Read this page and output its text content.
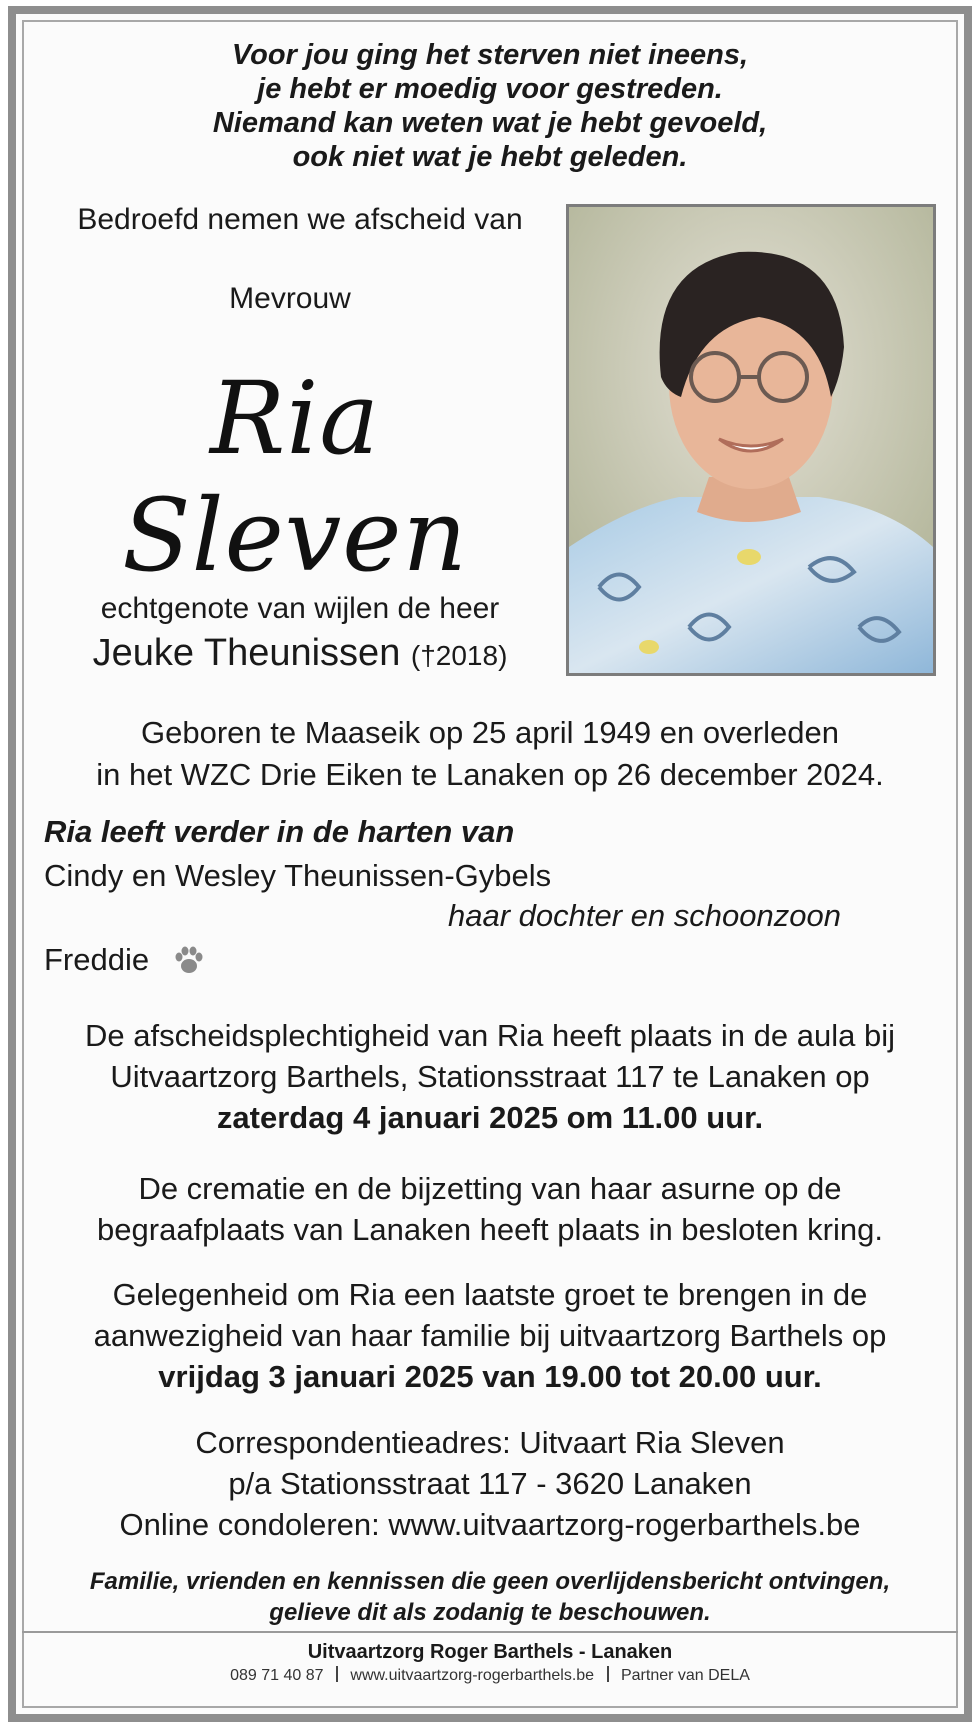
Voor jou ging het sterven niet ineens,
je hebt er moedig voor gestreden.
Niemand kan weten wat je hebt gevoeld,
ook niet wat je hebt geleden.
Bedroefd nemen we afscheid van
Mevrouw
Ria Sleven
echtgenote van wijlen de heer
Jeuke Theunissen (†2018)
Geboren te Maaseik op 25 april 1949 en overleden
in het WZC Drie Eiken te Lanaken op 26 december 2024.
Ria leeft verder in de harten van
Cindy en Wesley Theunissen-Gybels
haar dochter en schoonzoon
Freddie
De afscheidsplechtigheid van Ria heeft plaats in de aula bij
Uitvaartzorg Barthels, Stationsstraat 117 te Lanaken op
zaterdag 4 januari 2025 om 11.00 uur.
De crematie en de bijzetting van haar asurne op de
begraafplaats van Lanaken heeft plaats in besloten kring.
Gelegenheid om Ria een laatste groet te brengen in de
aanwezigheid van haar familie bij uitvaartzorg Barthels op
vrijdag 3 januari 2025 van 19.00 tot 20.00 uur.
Correspondentieadres: Uitvaart Ria Sleven
p/a Stationsstraat 117 - 3620 Lanaken
Online condoleren: www.uitvaartzorg-rogerbarthels.be
Familie, vrienden en kennissen die geen overlijdensbericht ontvingen,
gelieve dit als zodanig te beschouwen.
Uitvaartzorg Roger Barthels - Lanaken
089 71 40 87 www.uitvaartzorg-rogerbarthels.be Partner van DELA
